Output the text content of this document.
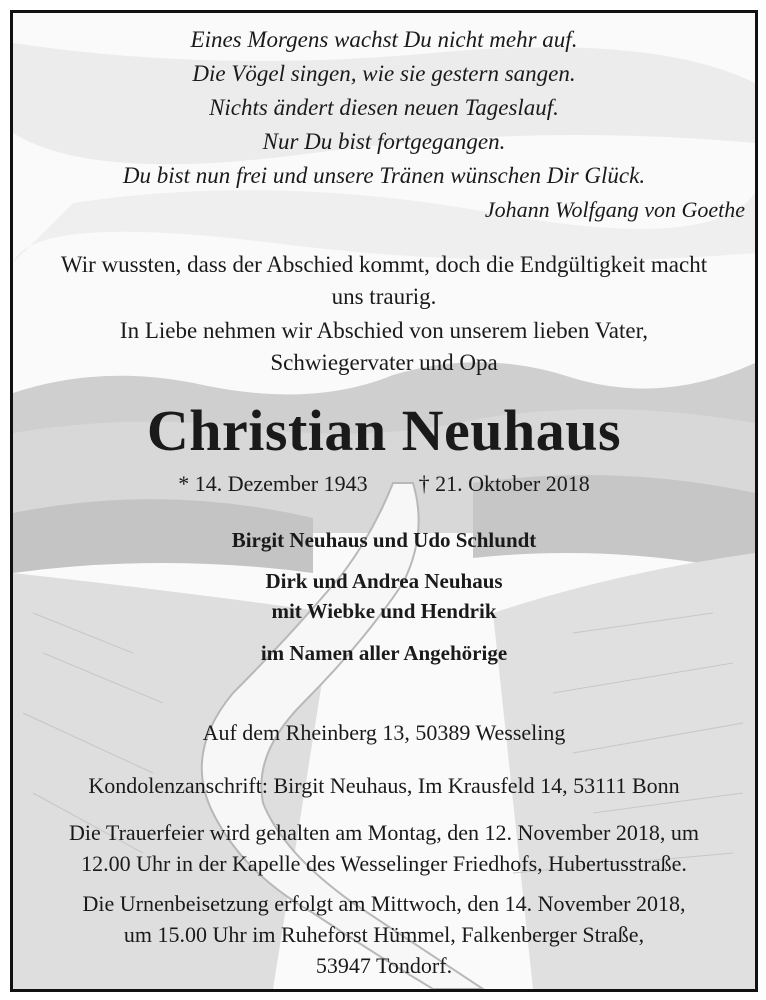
Eines Morgens wachst Du nicht mehr auf.
Die Vögel singen, wie sie gestern sangen.
Nichts ändert diesen neuen Tageslauf.
Nur Du bist fortgegangen.
Du bist nun frei und unsere Tränen wünschen Dir Glück.
Johann Wolfgang von Goethe
Wir wussten, dass der Abschied kommt, doch die Endgültigkeit macht
uns traurig.
In Liebe nehmen wir Abschied von unserem lieben Vater,
Schwiegervater und Opa
Christian Neuhaus
* 14. Dezember 1943 † 21. Oktober 2018
Birgit Neuhaus und Udo Schlundt
Dirk und Andrea Neuhaus
mit Wiebke und Hendrik
im Namen aller Angehörige
Auf dem Rheinberg 13, 50389 Wesseling
Kondolenzanschrift: Birgit Neuhaus, Im Krausfeld 14, 53111 Bonn
Die Trauerfeier wird gehalten am Montag, den 12. November 2018, um
12.00 Uhr in der Kapelle des Wesselinger Friedhofs, Hubertusstraße.
Die Urnenbeisetzung erfolgt am Mittwoch, den 14. November 2018,
um 15.00 Uhr im Ruheforst Hümmel, Falkenberger Straße,
53947 Tondorf.
